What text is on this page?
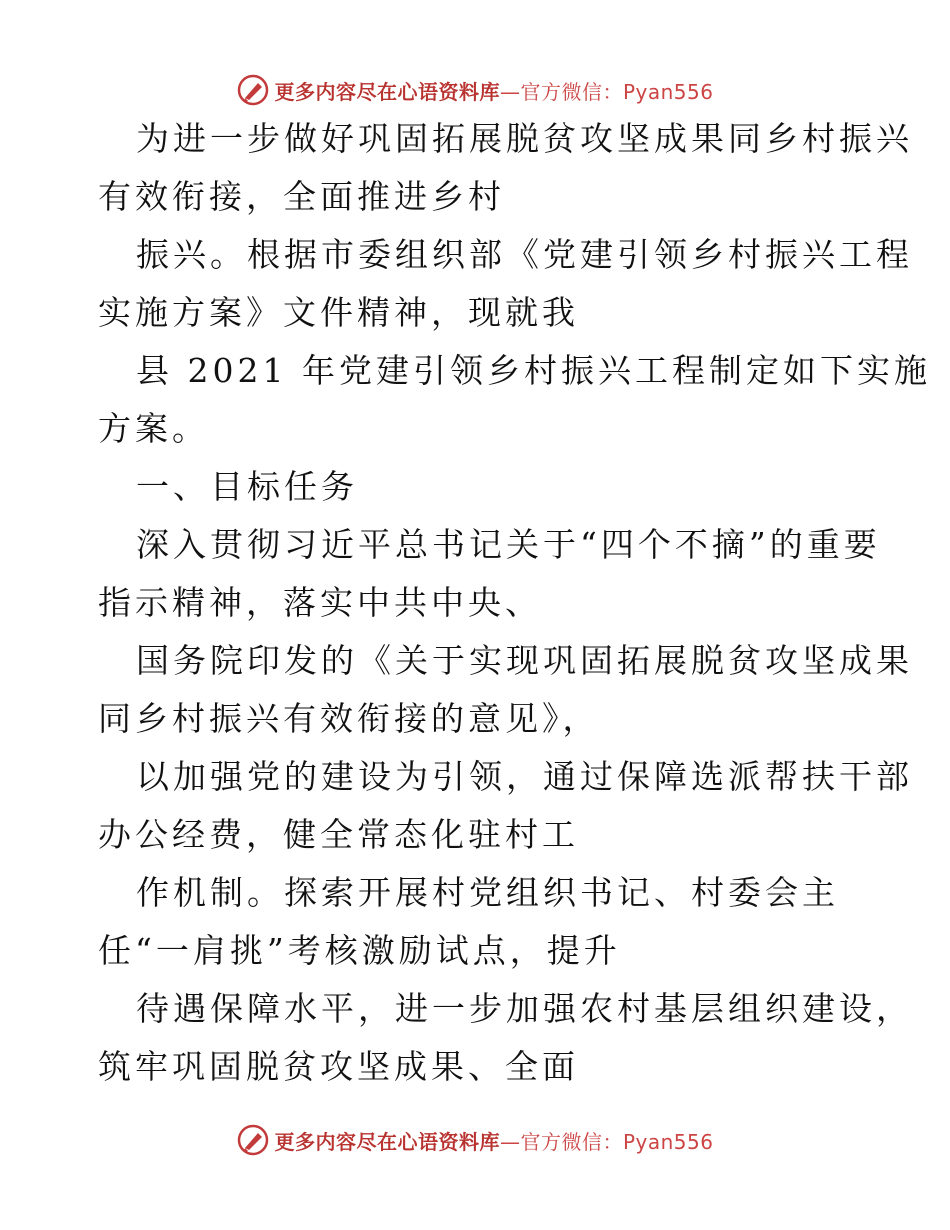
更多内容尽在心语资料库—官方微信：Pyan556
为进一步做好巩固拓展脱贫攻坚成果同乡村振兴
有效衔接，全面推进乡村
振兴。根据市委组织部《党建引领乡村振兴工程
实施方案》文件精神，现就我
县 2021 年党建引领乡村振兴工程制定如下实施
方案。
一、目标任务
深入贯彻习近平总书记关于“四个不摘”的重要
指示精神，落实中共中央、
国务院印发的《关于实现巩固拓展脱贫攻坚成果
同乡村振兴有效衔接的意见》，
以加强党的建设为引领，通过保障选派帮扶干部
办公经费，健全常态化驻村工
作机制。探索开展村党组织书记、村委会主
任“一肩挑”考核激励试点，提升
待遇保障水平，进一步加强农村基层组织建设，
筑牢巩固脱贫攻坚成果、全面
更多内容尽在心语资料库—官方微信：Pyan556
